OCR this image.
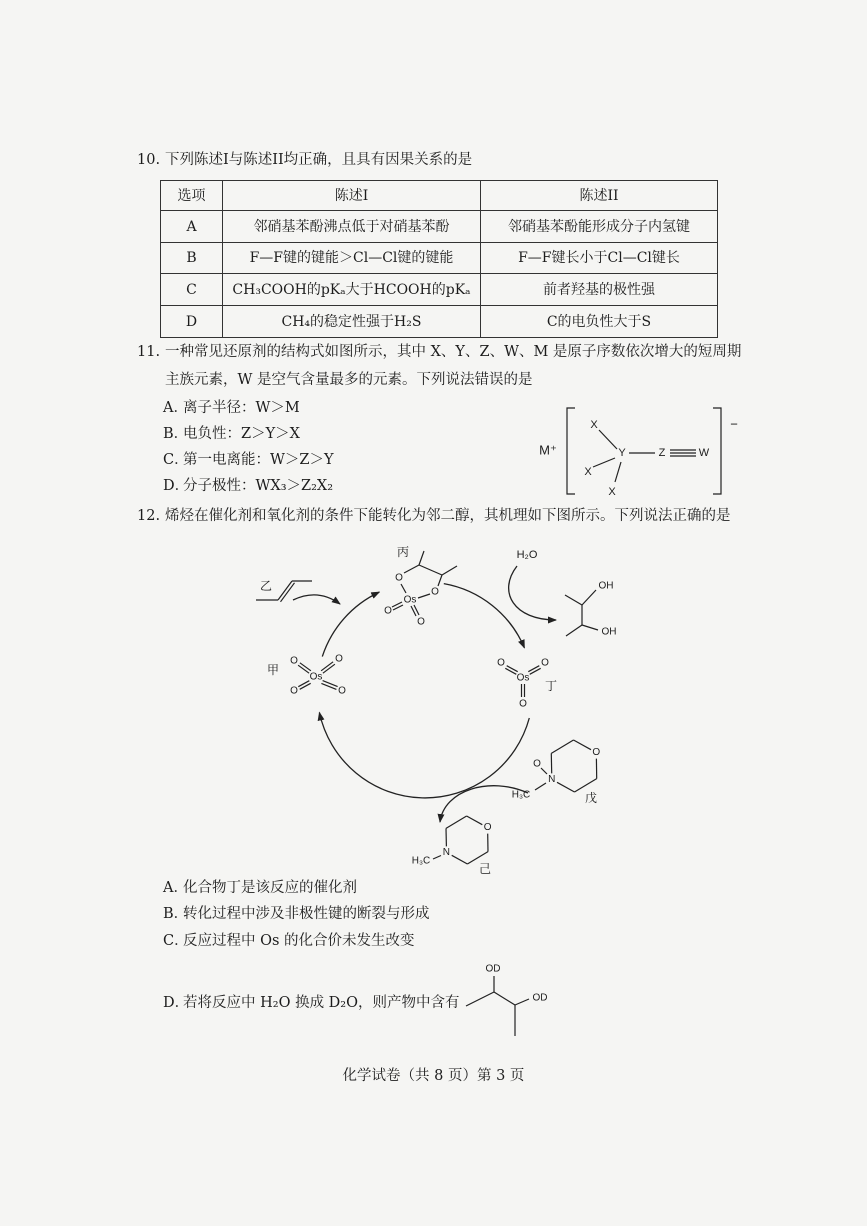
10. 下列陈述I与陈述II均正确，且具有因果关系的是
选项	陈述I	陈述II
A	邻硝基苯酚沸点低于对硝基苯酚	邻硝基苯酚能形成分子内氢键
B	F—F键的键能＞Cl—Cl键的键能	F—F键长小于Cl—Cl键长
C	CH₃COOH的pKₐ大于HCOOH的pKₐ	前者羟基的极性强
D	CH₄的稳定性强于H₂S	C的电负性大于S
11. 一种常见还原剂的结构式如图所示，其中 X、Y、Z、W、M 是原子序数依次增大的短周期
主族元素，W 是空气含量最多的元素。下列说法错误的是
A．离子半径：W＞M
B．电负性：Z＞Y＞X
C．第一电离能：W＞Z＞Y
D．分子极性：WX₃＞Z₂X₂
M⁺
−
X
X
X
Y	Z	W
12. 烯烃在催化剂和氧化剂的条件下能转化为邻二醇，其机理如下图所示。下列说法正确的是
乙
丙
O
O
Os
O
O
甲	Os
O	O
O	O	丁
Os
O	O
O
H₂O
OH
OH
O
N
O
H₃C	戊
O
N
H₃C
己
A．化合物丁是该反应的催化剂
B．转化过程中涉及非极性键的断裂与形成
C．反应过程中 Os 的化合价未发生改变
D．若将反应中 H₂O 换成 D₂O，则产物中含有
OD
OD
化学试卷（共 8 页）第 3 页
